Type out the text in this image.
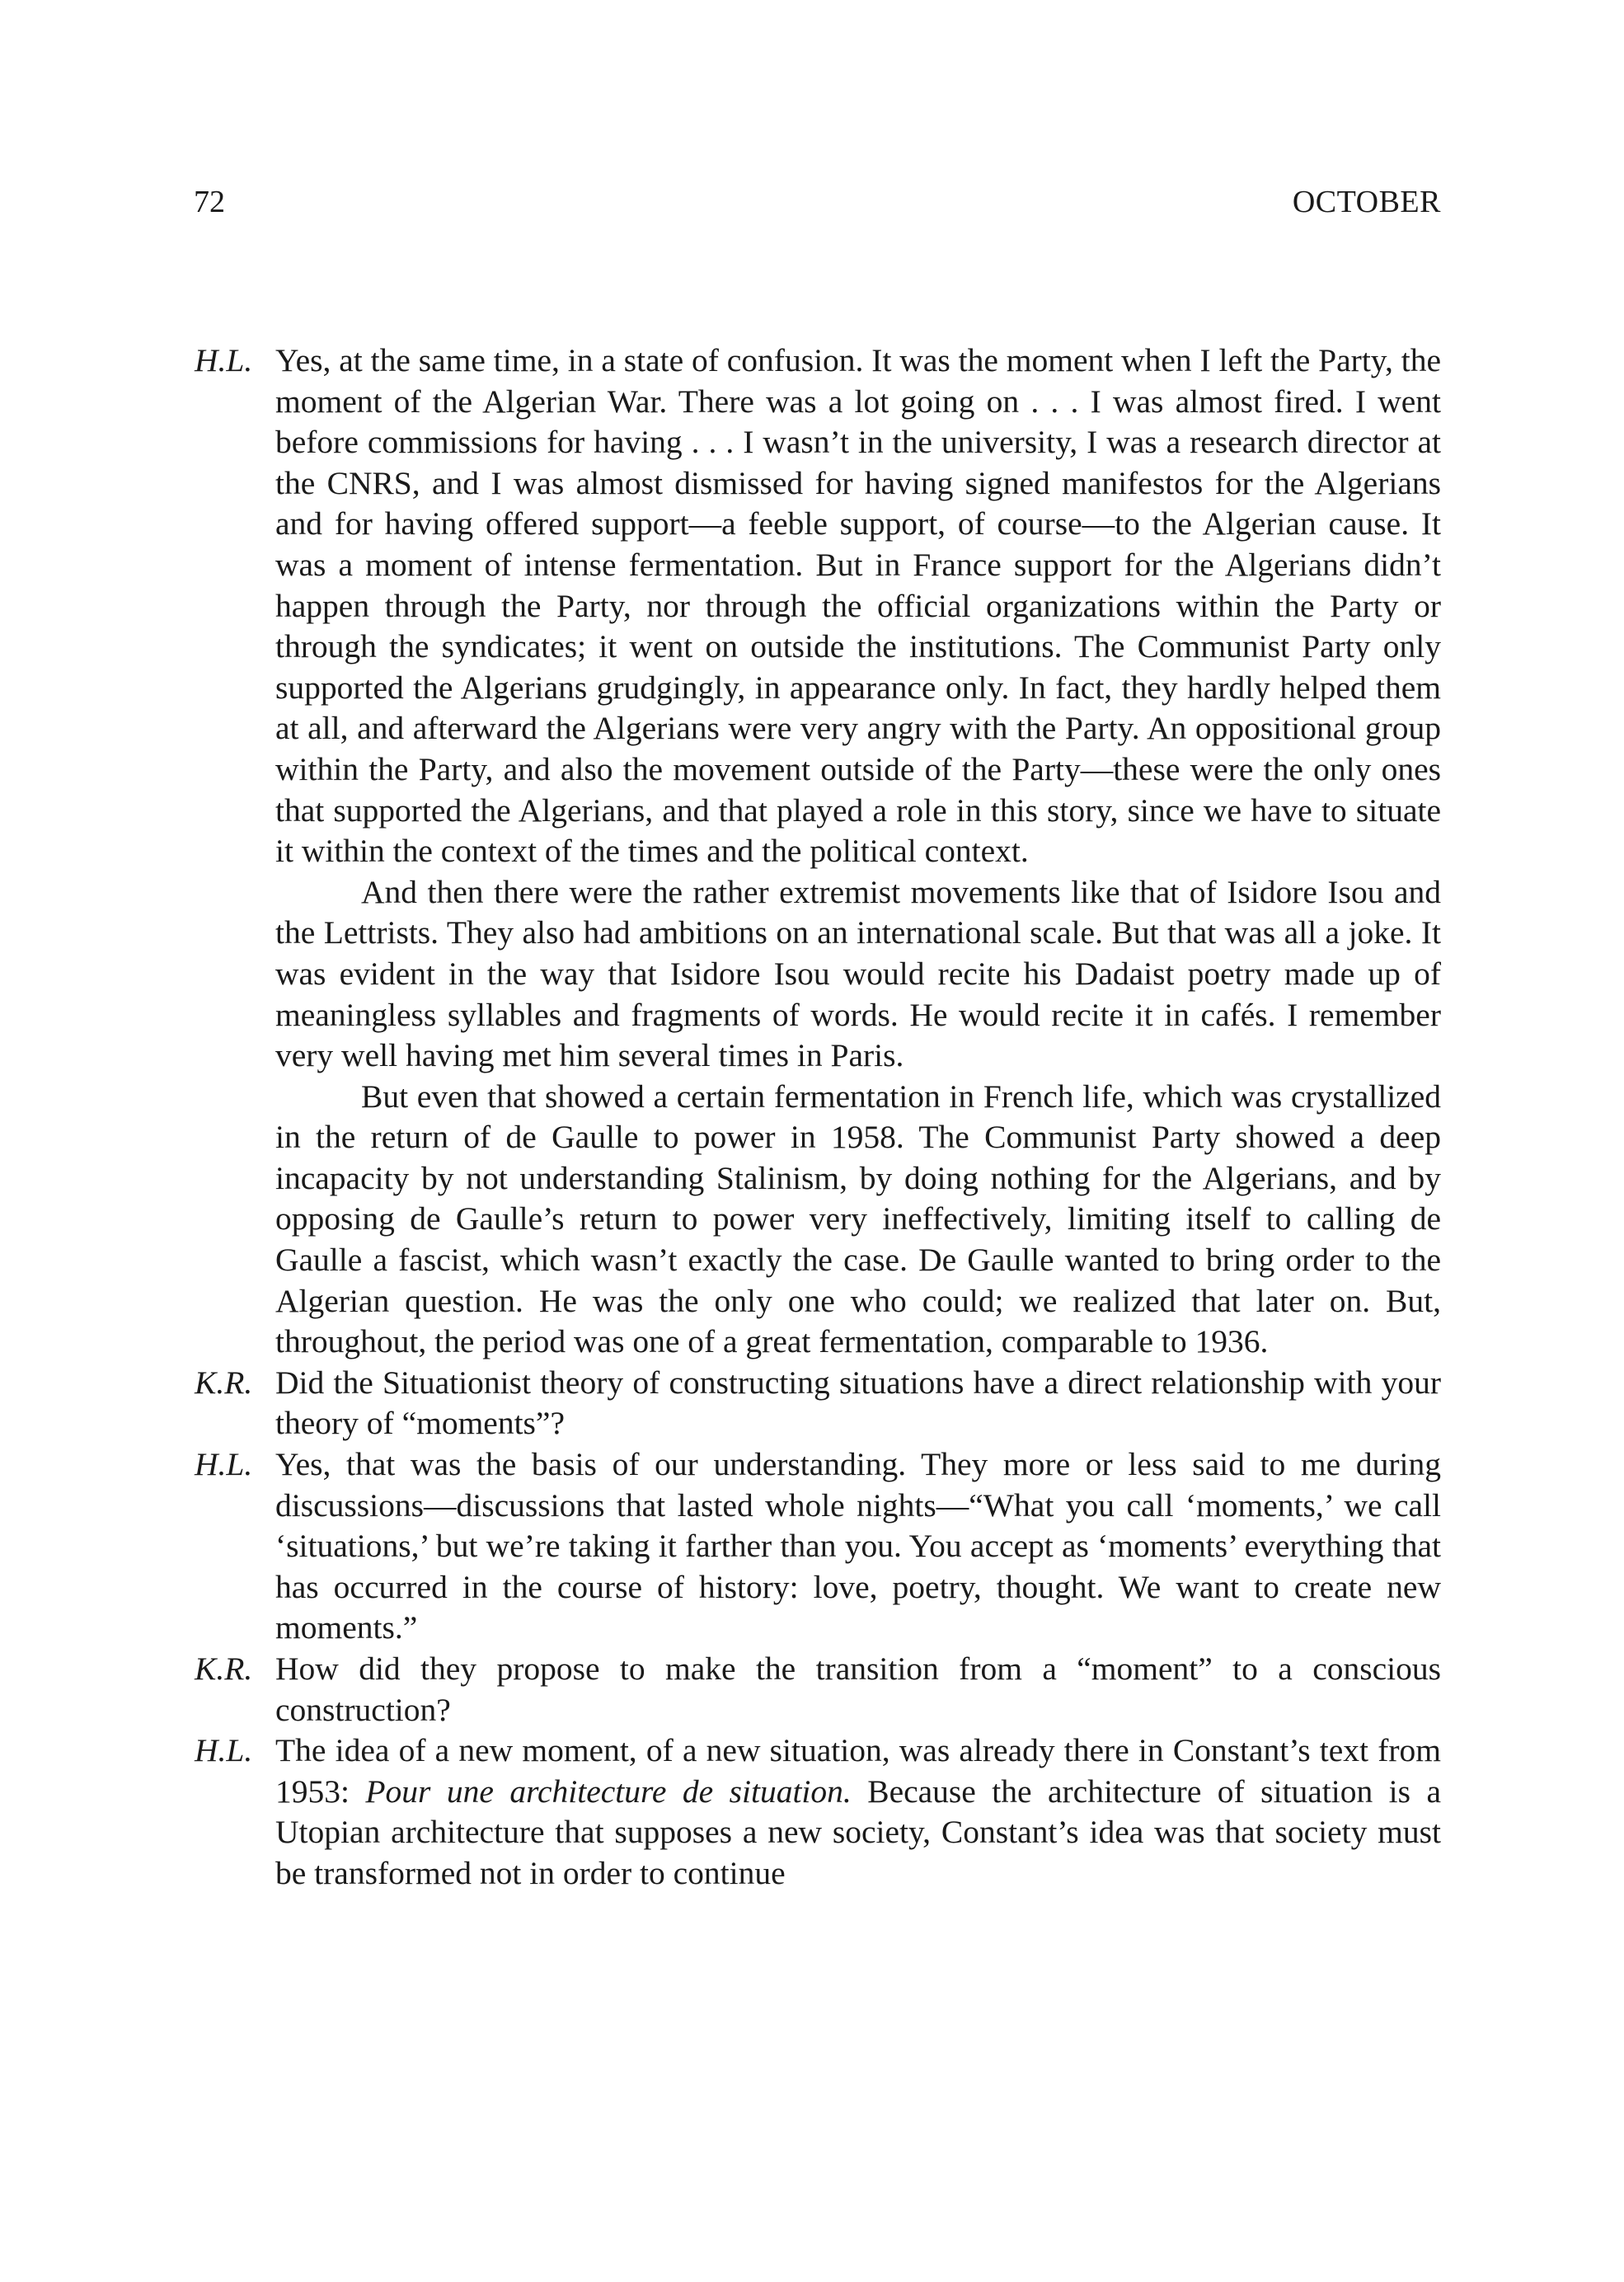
72	OCTOBER
H.L. Yes, at the same time, in a state of confusion. It was the moment when I left the Party, the moment of the Algerian War. There was a lot going on . . . I was almost fired. I went before commissions for having . . . I wasn’t in the university, I was a research director at the CNRS, and I was almost dismissed for having signed manifestos for the Algerians and for having offered support—a feeble support, of course—to the Algerian cause. It was a moment of intense fermentation. But in France support for the Algerians didn’t happen through the Party, nor through the official organizations within the Party or through the syndicates; it went on outside the institutions. The Communist Party only supported the Algerians grudgingly, in appearance only. In fact, they hardly helped them at all, and afterward the Algerians were very angry with the Party. An oppositional group within the Party, and also the movement outside of the Party—these were the only ones that supported the Algerians, and that played a role in this story, since we have to situate it within the context of the times and the political context.

And then there were the rather extremist movements like that of Isidore Isou and the Lettrists. They also had ambitions on an international scale. But that was all a joke. It was evident in the way that Isidore Isou would recite his Dadaist poetry made up of meaningless syllables and fragments of words. He would recite it in cafés. I remember very well having met him several times in Paris.

But even that showed a certain fermentation in French life, which was crystallized in the return of de Gaulle to power in 1958. The Communist Party showed a deep incapacity by not understanding Stalinism, by doing nothing for the Algerians, and by opposing de Gaulle’s return to power very ineffectively, limiting itself to calling de Gaulle a fascist, which wasn’t exactly the case. De Gaulle wanted to bring order to the Algerian question. He was the only one who could; we realized that later on. But, throughout, the period was one of a great fermentation, comparable to 1936.

K.R. Did the Situationist theory of constructing situations have a direct relationship with your theory of “moments”?

H.L. Yes, that was the basis of our understanding. They more or less said to me during discussions—discussions that lasted whole nights—“What you call ‘moments,’ we call ‘situations,’ but we’re taking it farther than you. You accept as ‘moments’ everything that has occurred in the course of history: love, poetry, thought. We want to create new moments.”

K.R. How did they propose to make the transition from a “moment” to a conscious construction?

H.L. The idea of a new moment, of a new situation, was already there in Constant’s text from 1953: Pour une architecture de situation. Because the architecture of situation is a Utopian architecture that supposes a new society, Constant’s idea was that society must be transformed not in order to continue
